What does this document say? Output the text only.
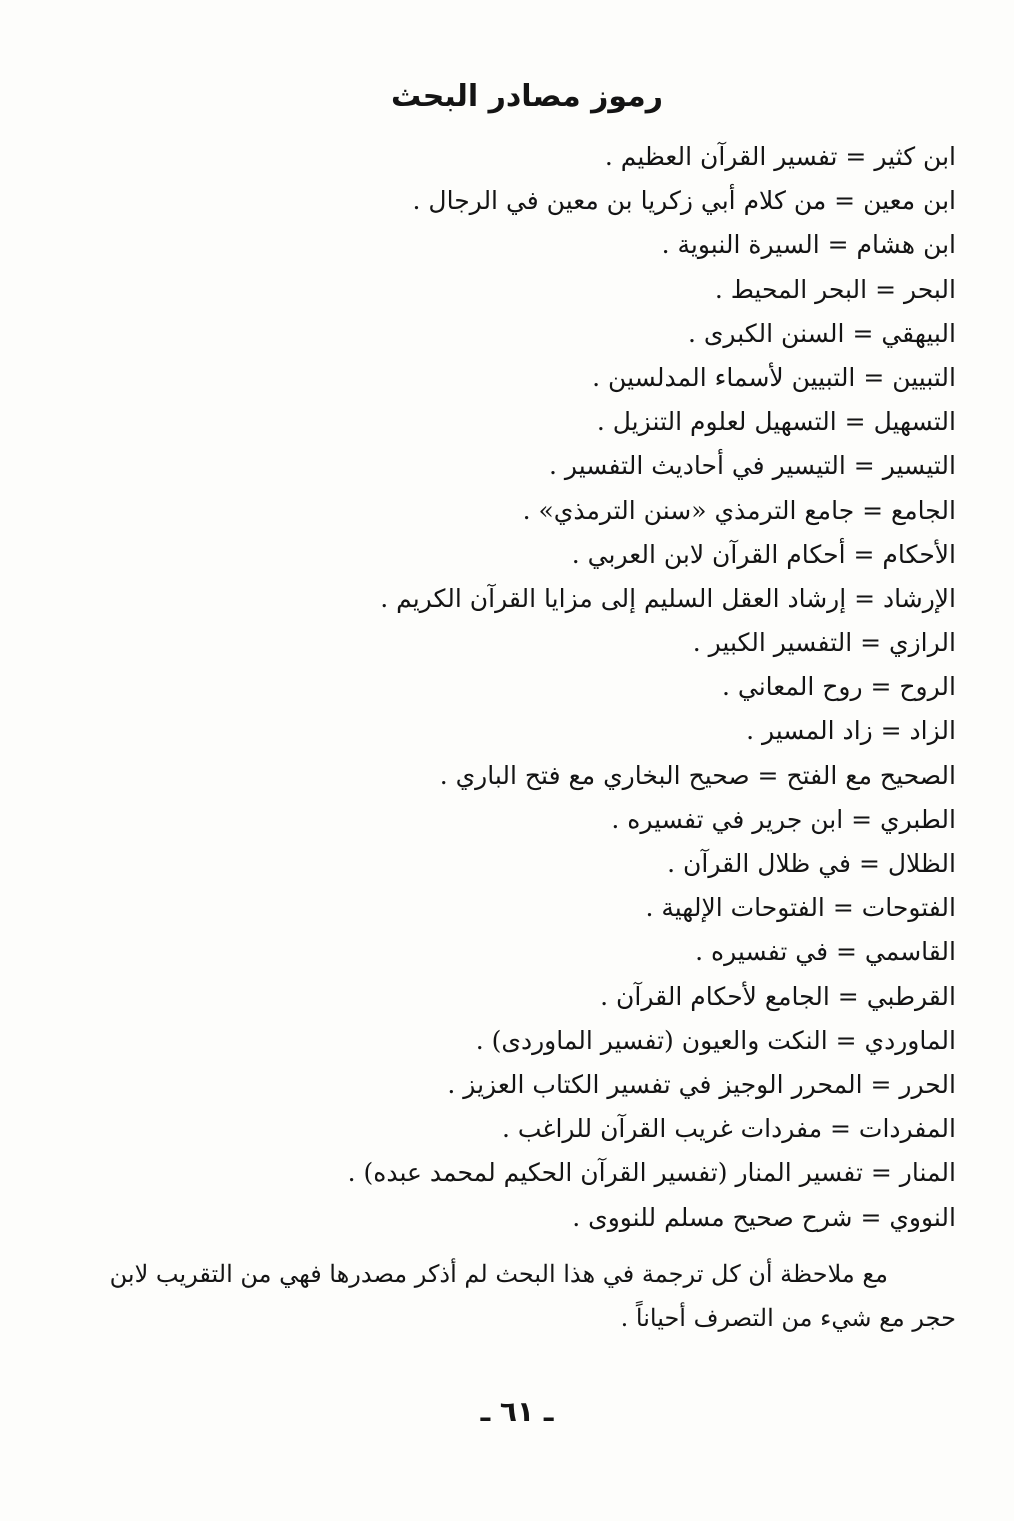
رموز مصادر البحث
ابن كثير = تفسير القرآن العظيم .
ابن معين = من كلام أبي زكريا بن معين في الرجال .
ابن هشام = السيرة النبوية .
البحر = البحر المحيط .
البيهقي = السنن الكبرى .
التبيين = التبيين لأسماء المدلسين .
التسهيل = التسهيل لعلوم التنزيل .
التيسير = التيسير في أحاديث التفسير .
الجامع = جامع الترمذي «سنن الترمذي» .
الأحكام = أحكام القرآن لابن العربي .
الإرشاد = إرشاد العقل السليم إلى مزايا القرآن الكريم .
الرازي = التفسير الكبير .
الروح = روح المعاني .
الزاد = زاد المسير .
الصحيح مع الفتح = صحيح البخاري مع فتح الباري .
الطبري = ابن جرير في تفسيره .
الظلال = في ظلال القرآن .
الفتوحات = الفتوحات الإلهية .
القاسمي = في تفسيره .
القرطبي = الجامع لأحكام القرآن .
الماوردي = النكت والعيون (تفسير الماوردى) .
الحرر = المحرر الوجيز في تفسير الكتاب العزيز .
المفردات = مفردات غريب القرآن للراغب .
المنار = تفسير المنار (تفسير القرآن الحكيم لمحمد عبده) .
النووي = شرح صحيح مسلم للنووى .

مع ملاحظة أن كل ترجمة في هذا البحث لم أذكر مصدرها فهي من التقريب لابن
حجر مع شيء من التصرف أحياناً .

ـ ٦١ ـ
